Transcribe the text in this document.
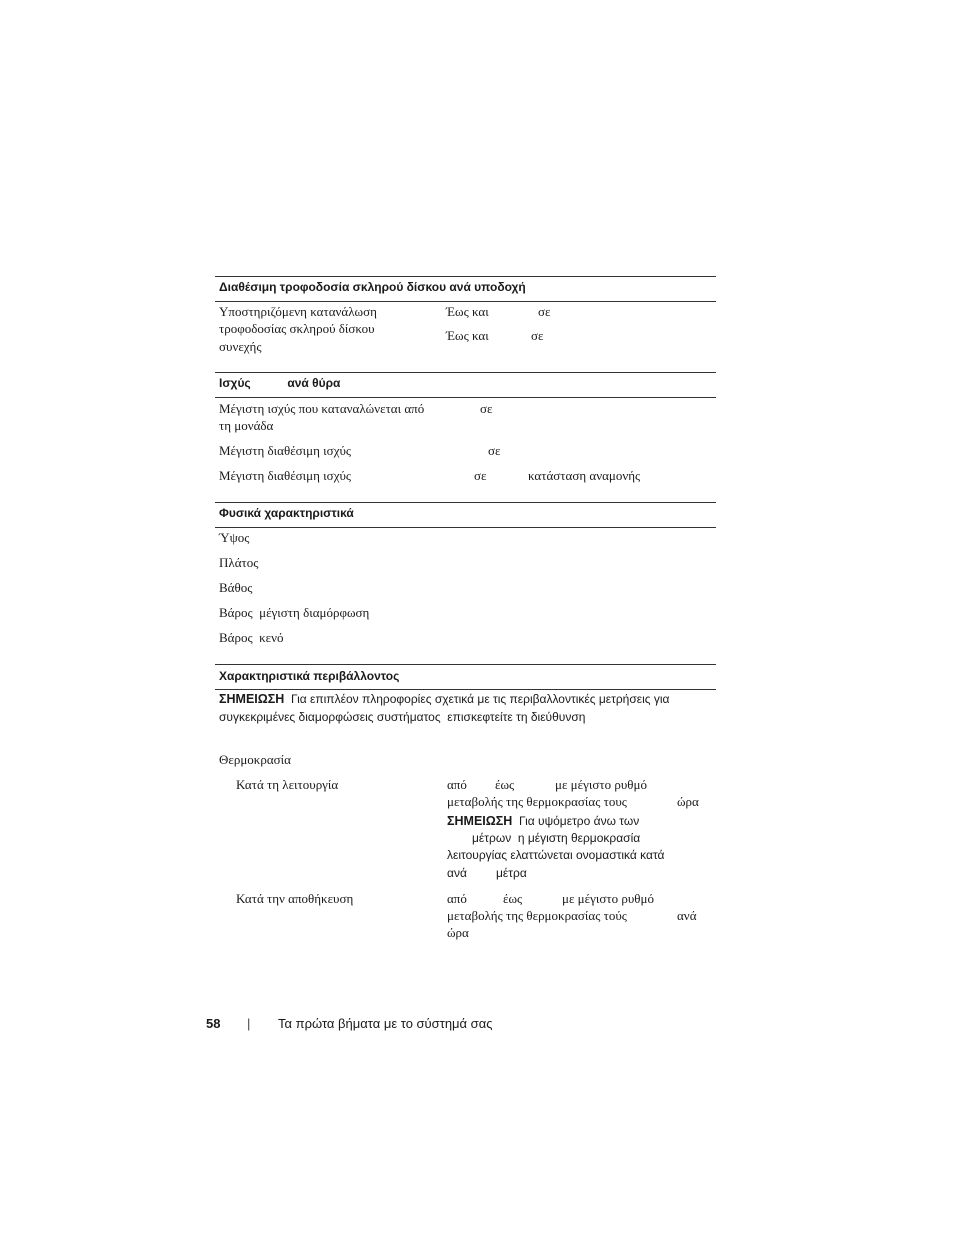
Διαθέσιμη τροφοδοσία σκληρού δίσκου ανά υποδοχή
Υποστηριζόμενη κατανάλωση
τροφοδοσίας σκληρού δίσκου
συνεχής
Έως και	σε
Έως και	σε
Ισχύς           ανά θύρα
Μέγιστη ισχύς που καταναλώνεται από
τη μονάδα
σε
Μέγιστη διαθέσιμη ισχύς	σε
Μέγιστη διαθέσιμη ισχύς	σε	κατάσταση αναμονής
Φυσικά χαρακτηριστικά
Ύψος
Πλάτος
Βάθος
Βάρος  μέγιστη διαμόρφωση
Βάρος  κενό
Χαρακτηριστικά περιβάλλοντος
ΣΗΜΕΙΩΣΗ Για επιπλέον πληροφορίες σχετικά με τις περιβαλλοντικές μετρήσεις για
συγκεκριμένες διαμορφώσεις συστήματος  επισκεφτείτε τη διεύθυνση
Θερμοκρασία
Κατά τη λειτουργία	από έως	με μέγιστο ρυθμό
μεταβολής της θερμοκρασίας τους	ώρα
ΣΗΜΕΙΩΣΗ Για υψόμετρο άνω των
μέτρων  η μέγιστη θερμοκρασία
λειτουργίας ελαττώνεται ονομαστικά κατά
ανά μέτρα
Κατά την αποθήκευση	από	έως	με μέγιστο ρυθμό
μεταβολής της θερμοκρασίας τούς	ανά
ώρα
58 | Τα πρώτα βήματα με το σύστημά σας
